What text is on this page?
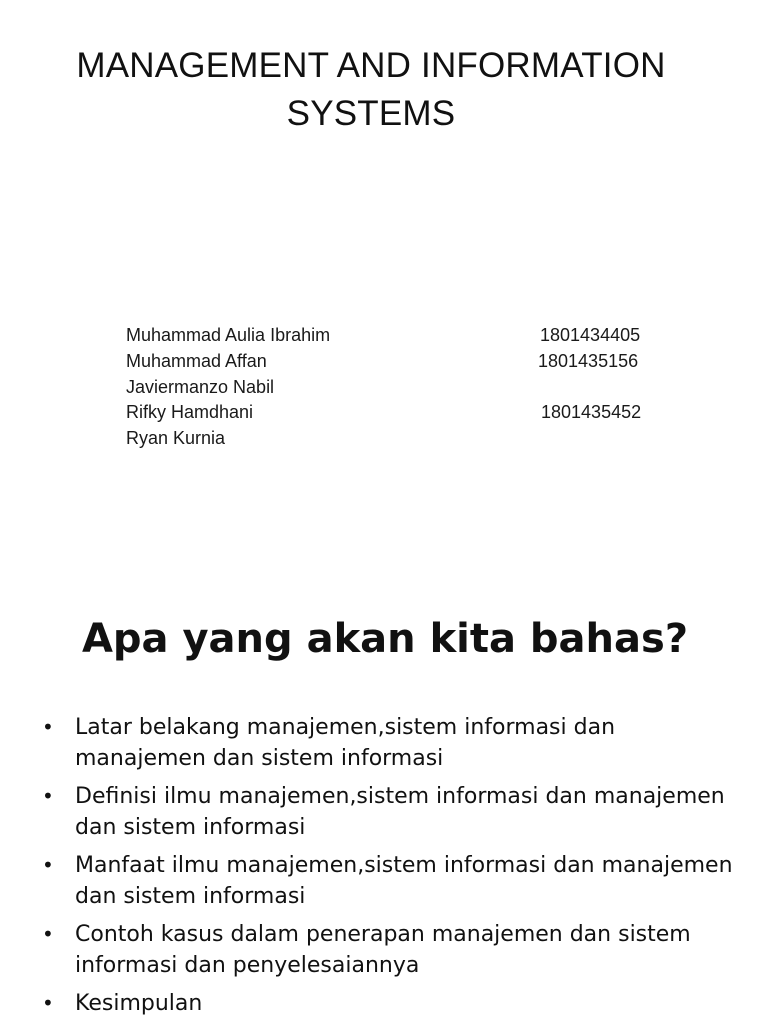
MANAGEMENT AND INFORMATION
SYSTEMS
Muhammad Aulia Ibrahim	1801434405
Muhammad Affan	1801435156
Javiermanzo Nabil
Rifky Hamdhani	1801435452
Ryan Kurnia
Apa yang akan kita bahas?
• Latar belakang manajemen,sistem informasi dan manajemen dan sistem informasi
• Definisi ilmu manajemen,sistem informasi dan manajemen dan sistem informasi
• Manfaat ilmu manajemen,sistem informasi dan manajemen dan sistem informasi
• Contoh kasus dalam penerapan manajemen dan sistem informasi dan penyelesaiannya
• Kesimpulan
